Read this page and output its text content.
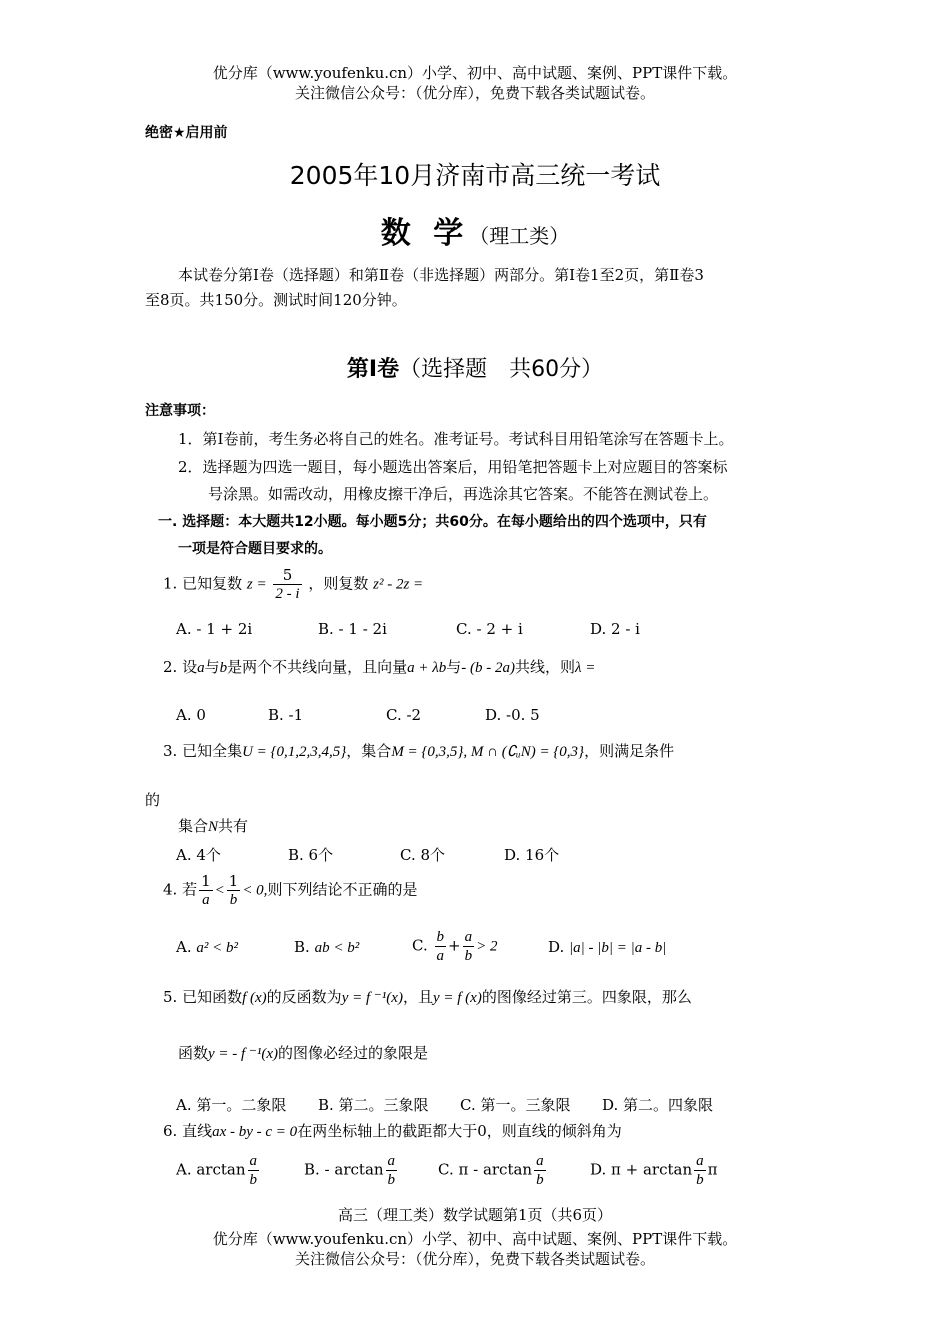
优分库（www.youfenku.cn）小学、初中、高中试题、案例、PPT课件下载。
关注微信公众号：（优分库），免费下载各类试题试卷。
绝密★启用前
2005年10月济南市高三统一考试
数 学（理工类）
本试卷分第Ⅰ卷（选择题）和第Ⅱ卷（非选择题）两部分。第Ⅰ卷1至2页，第Ⅱ卷3
至8页。共150分。测试时间120分钟。
第Ⅰ卷（选择题　共60分）
注意事项：
1．第Ⅰ卷前，考生务必将自己的姓名。准考证号。考试科目用铅笔涂写在答题卡上。
2．选择题为四选一题目，每小题选出答案后，用铅笔把答题卡上对应题目的答案标
号涂黑。如需改动，用橡皮擦干净后，再选涂其它答案。不能答在测试卷上。
一. 选择题：本大题共12小题。每小题5分；共60分。在每小题给出的四个选项中，只有
一项是符合题目要求的。
1. 已知复数 $z = \frac{5}{2 - i}$ ，则复数 z² - 2z =
A. - 1 + 2i	B. - 1 - 2i	C. - 2 + i	D. 2 - i
2. 设a与b是两个不共线向量，且向量a + λb与- (b - 2a)共线，则λ =
A. 0	B. -1	C. -2	D. -0. 5
3. 已知全集U = {0,1,2,3,4,5}，集合M = {0,3,5}, M ∩ (∁ᵤN) = {0,3}，则满足条件
的
集合N共有
A. 4个	B. 6个	C. 8个	D. 16个
4. 若 $\frac{1}{a} < \frac{1}{b} < 0$,则下列结论不正确的是
A. a² < b²	B. ab < b²	C. $\frac{b}{a} + \frac{a}{b} > 2$	D. |a| - |b| = |a - b|
5. 已知函数f (x)的反函数为y = f ⁻¹(x)，且y = f (x)的图像经过第三。四象限，那么
函数y = - f ⁻¹(x)的图像必经过的象限是
A. 第一。二象限 B. 第二。三象限 C. 第一。三象限 D. 第二。四象限
6. 直线ax - by - c = 0在两坐标轴上的截距都大于0，则直线的倾斜角为
A. $\arctan \frac{a}{b}$	B. - $\arctan \frac{a}{b}$	C. π - $\arctan \frac{a}{b}$	D. $\pi + \arctan \frac{a}{b}$ π
高三（理工类）数学试题第1页（共6页）
优分库（www.youfenku.cn）小学、初中、高中试题、案例、PPT课件下载。
关注微信公众号：（优分库），免费下载各类试题试卷。
